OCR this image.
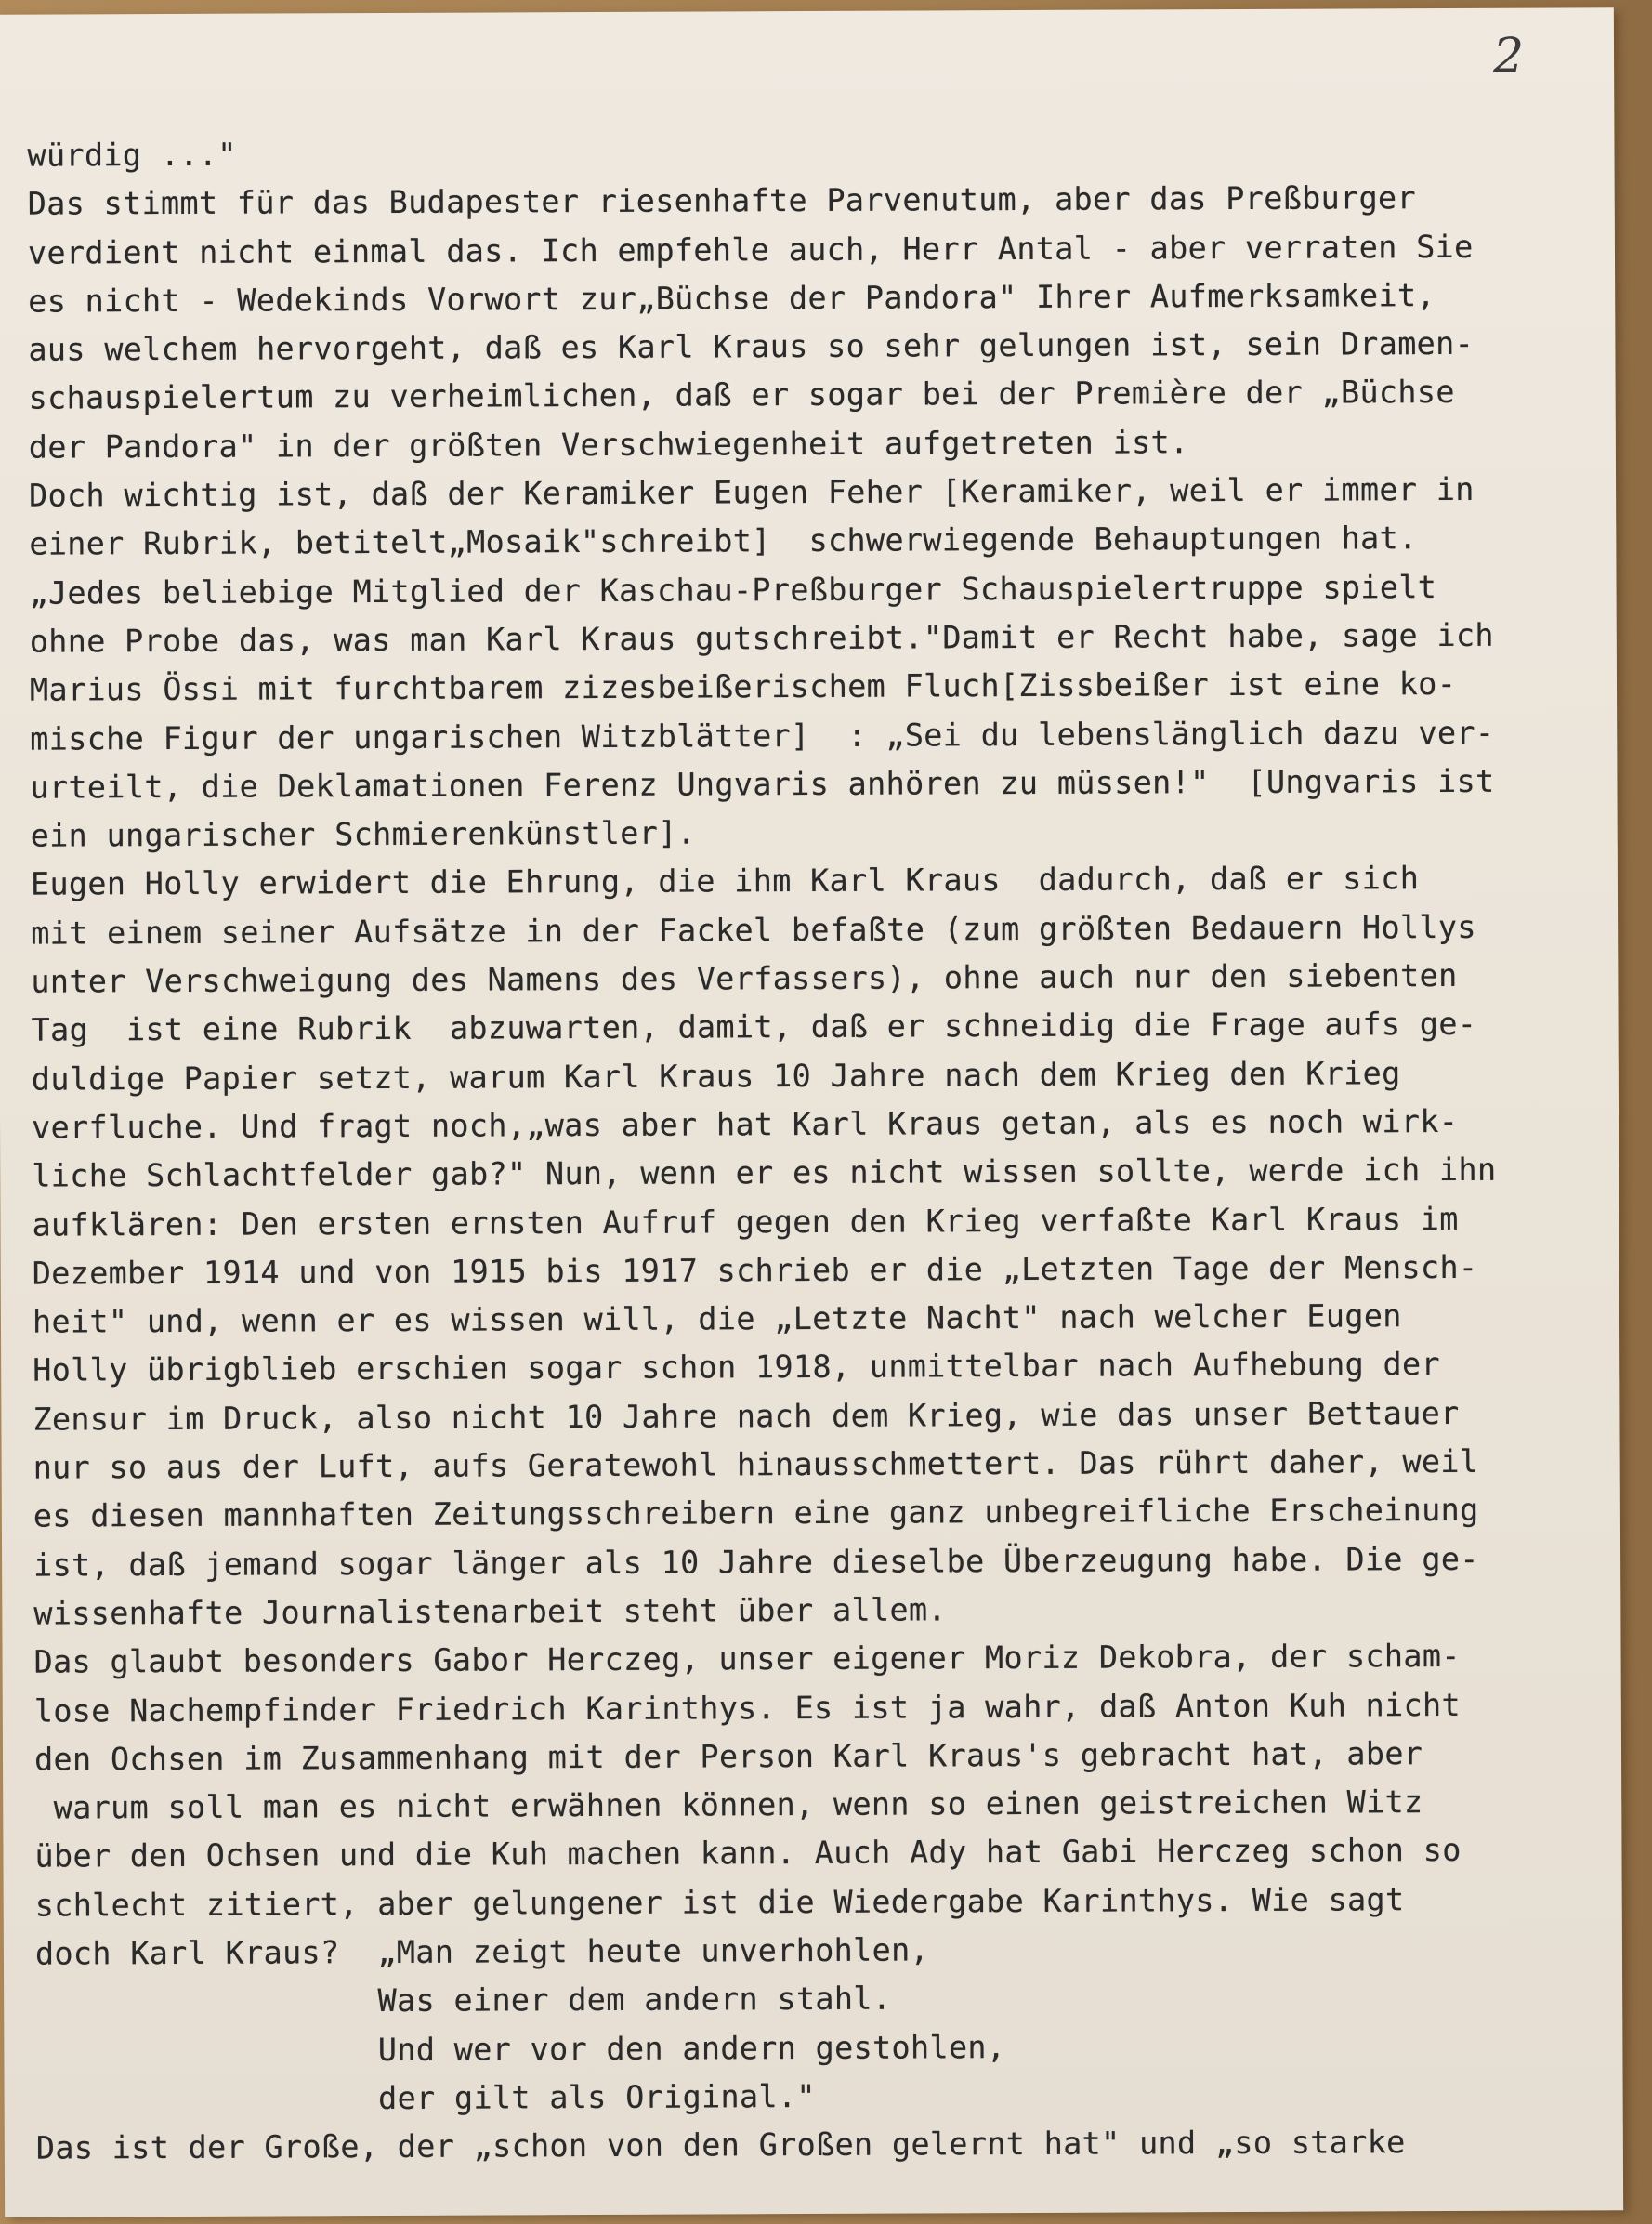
2
würdig ..."
Das stimmt für das Budapester riesenhafte Parvenutum, aber das Preßburger
verdient nicht einmal das. Ich empfehle auch, Herr Antal - aber verraten Sie
es nicht - Wedekinds Vorwort zur„Büchse der Pandora" Ihrer Aufmerksamkeit,
aus welchem hervorgeht, daß es Karl Kraus so sehr gelungen ist, sein Dramen-
schauspielertum zu verheimlichen, daß er sogar bei der Première der „Büchse
der Pandora" in der größten Verschwiegenheit aufgetreten ist.
Doch wichtig ist, daß der Keramiker Eugen Feher [Keramiker, weil er immer in
einer Rubrik, betitelt„Mosaik"schreibt]  schwerwiegende Behauptungen hat.
„Jedes beliebige Mitglied der Kaschau-Preßburger Schauspielertruppe spielt
ohne Probe das, was man Karl Kraus gutschreibt."Damit er Recht habe, sage ich
Marius Össi mit furchtbarem zizesbeißerischem Fluch[Zissbeißer ist eine ko-
mische Figur der ungarischen Witzblätter]  : „Sei du lebenslänglich dazu ver-
urteilt, die Deklamationen Ferenz Ungvaris anhören zu müssen!"  [Ungvaris ist
ein ungarischer Schmierenkünstler].
Eugen Holly erwidert die Ehrung, die ihm Karl Kraus  dadurch, daß er sich
mit einem seiner Aufsätze in der Fackel befaßte (zum größten Bedauern Hollys
unter Verschweigung des Namens des Verfassers), ohne auch nur den siebenten
Tag  ist eine Rubrik  abzuwarten, damit, daß er schneidig die Frage aufs ge-
duldige Papier setzt, warum Karl Kraus 10 Jahre nach dem Krieg den Krieg
verfluche. Und fragt noch,„was aber hat Karl Kraus getan, als es noch wirk-
liche Schlachtfelder gab?" Nun, wenn er es nicht wissen sollte, werde ich ihn
aufklären: Den ersten ernsten Aufruf gegen den Krieg verfaßte Karl Kraus im
Dezember 1914 und von 1915 bis 1917 schrieb er die „Letzten Tage der Mensch-
heit" und, wenn er es wissen will, die „Letzte Nacht" nach welcher Eugen
Holly übrigblieb erschien sogar schon 1918, unmittelbar nach Aufhebung der
Zensur im Druck, also nicht 10 Jahre nach dem Krieg, wie das unser Bettauer
nur so aus der Luft, aufs Geratewohl hinausschmettert. Das rührt daher, weil
es diesen mannhaften Zeitungsschreibern eine ganz unbegreifliche Erscheinung
ist, daß jemand sogar länger als 10 Jahre dieselbe Überzeugung habe. Die ge-
wissenhafte Journalistenarbeit steht über allem.
Das glaubt besonders Gabor Herczeg, unser eigener Moriz Dekobra, der scham-
lose Nachempfinder Friedrich Karinthys. Es ist ja wahr, daß Anton Kuh nicht
den Ochsen im Zusammenhang mit der Person Karl Kraus's gebracht hat, aber
warum soll man es nicht erwähnen können, wenn so einen geistreichen Witz
über den Ochsen und die Kuh machen kann. Auch Ady hat Gabi Herczeg schon so
schlecht zitiert, aber gelungener ist die Wiedergabe Karinthys. Wie sagt
doch Karl Kraus?  „Man zeigt heute unverhohlen,
Was einer dem andern stahl.
Und wer vor den andern gestohlen,
der gilt als Original."
Das ist der Große, der „schon von den Großen gelernt hat" und „so starke
